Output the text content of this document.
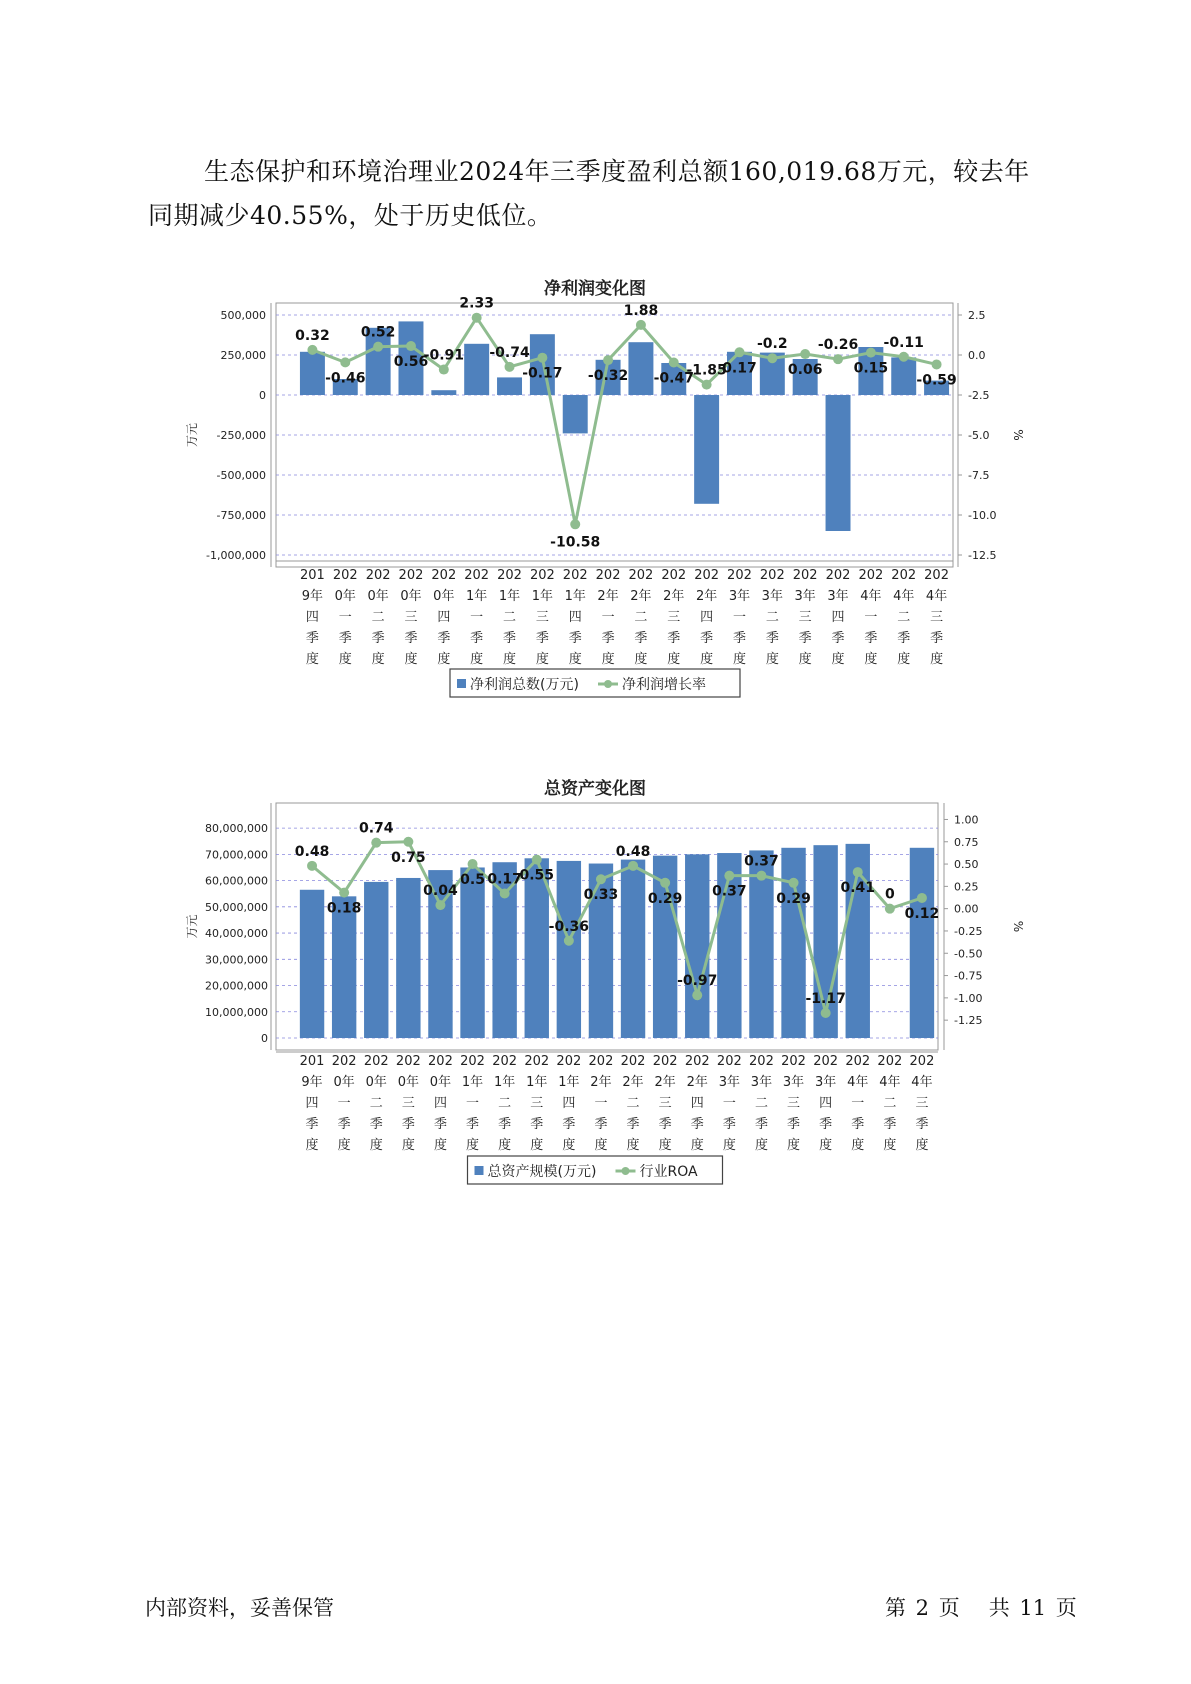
生态保护和环境治理业2024年三季度盈利总额160,019.68万元，较去年同期减少40.55%，处于历史低位。
净利润变化图
500,000
250,000
0
-250,000
-500,000
-750,000
-1,000,000
万元
2.5
0.0
-2.5
-5.0
-7.5
-10.0
-12.5
%
0.32
-0.46
0.52
0.56
-0.91
2.33
-0.74
-0.17
-10.58
-0.32
1.88
-0.47
-1.85
0.17
-0.2
0.06
-0.26
0.15
-0.11
-0.59
201 9年四季度
202 0年一季度
202 0年二季度
202 0年三季度
202 0年四季度
202 1年一季度
202 1年二季度
202 1年三季度
202 1年四季度
202 2年一季度
202 2年二季度
202 2年三季度
202 2年四季度
202 3年一季度
202 3年二季度
202 3年三季度
202 3年四季度
202 4年一季度
202 4年二季度
202 4年三季度
净利润总数(万元)	净利润增长率
总资产变化图
80,000,000
70,000,000
60,000,000
50,000,000
40,000,000
30,000,000
20,000,000
10,000,000
0
万元
1.00
0.75
0.50
0.25
0.00
-0.25
-0.50
-0.75
-1.00
-1.25
%
0.48
0.18
0.74
0.75
0.04
0.5 0.17
0.55
-0.36
0.33
0.48
0.29
-0.97
0.37
0.37
0.29
-1.17
0.41 0
0.12
201 9年四季度
202 0年一季度
202 0年二季度
202 0年三季度
202 0年四季度
202 1年一季度
202 1年二季度
202 1年三季度
202 1年四季度
202 2年一季度
202 2年二季度
202 2年三季度
202 2年四季度
202 3年一季度
202 3年二季度
202 3年三季度
202 3年四季度
202 4年一季度
202 4年二季度
202 4年三季度
总资产规模(万元)	行业ROA
内部资料，妥善保管	第 2 页   共 11 页
